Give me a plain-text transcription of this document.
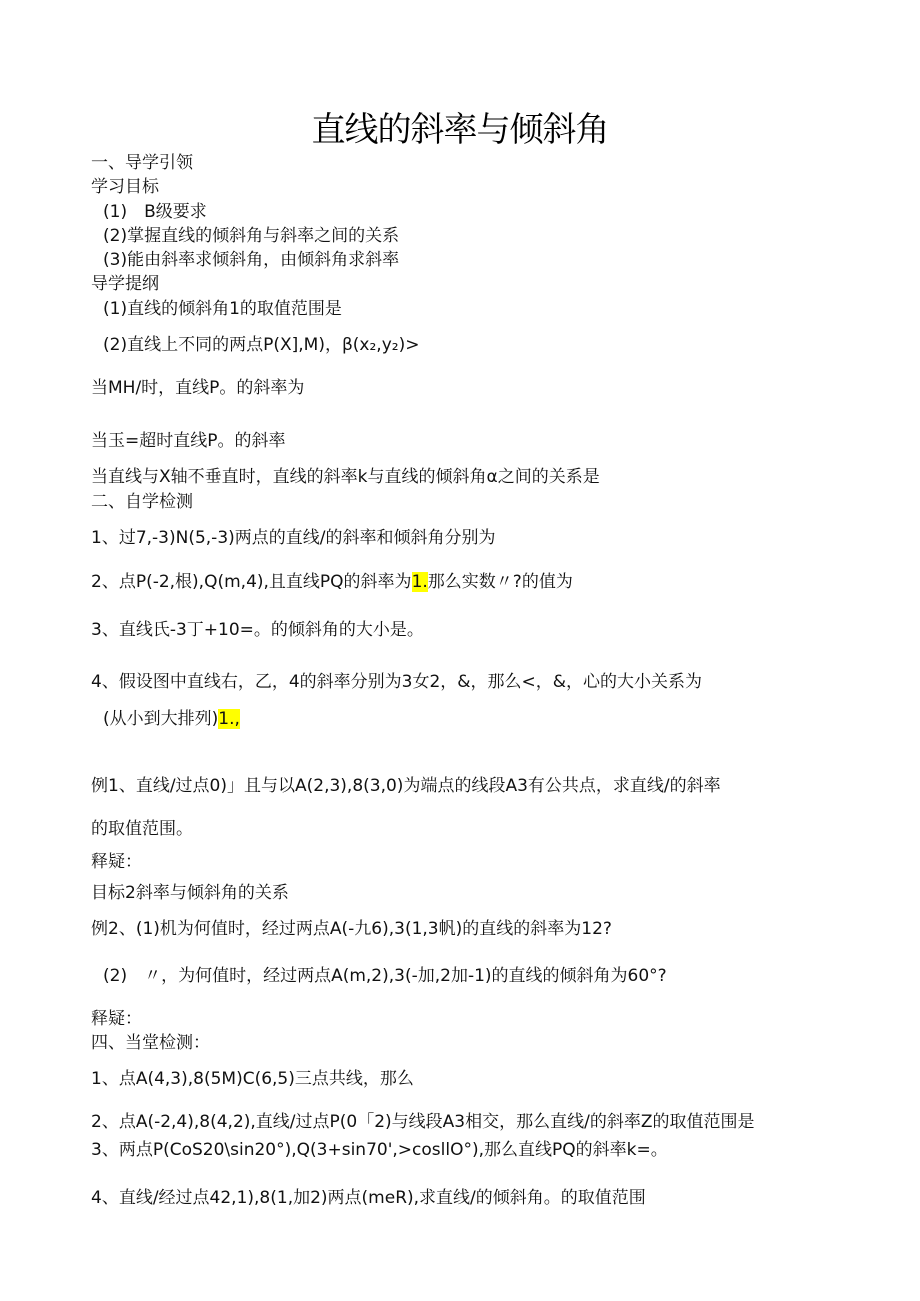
直线的斜率与倾斜角
一、导学引领
学习目标
(1)　B级要求
(2)掌握直线的倾斜角与斜率之间的关系
(3)能由斜率求倾斜角，由倾斜角求斜率
导学提纲
(1)直线的倾斜角1的取值范围是
(2)直线上不同的两点P(X],M)，β(x₂,y₂)>
当MH/时，直线P。的斜率为
当玉=超时直线P。的斜率
当直线与X轴不垂直时，直线的斜率k与直线的倾斜角α之间的关系是
二、自学检测
1、过7,-3)N(5,-3)两点的直线/的斜率和倾斜角分别为
2、点P(-2,根),Q(m,4),且直线PQ的斜率为1.那么实数〃?的值为
3、直线氏-3丁+10=。的倾斜角的大小是。
4、假设图中直线右，乙，4的斜率分别为3女2，&，那么<，&，心的大小关系为
(从小到大排列)1.,
例1、直线/过点0)」且与以A(2,3),8(3,0)为端点的线段A3有公共点，求直线/的斜率
的取值范围。
释疑：
目标2斜率与倾斜角的关系
例2、(1)机为何值时，经过两点A(-九6),3(1,3帆)的直线的斜率为12?
(2)　〃，为何值时，经过两点A(m,2),3(-加,2加-1)的直线的倾斜角为60°?
释疑：
四、当堂检测：
1、点A(4,3),8(5M)C(6,5)三点共线，那么
2、点A(-2,4),8(4,2),直线/过点P(0「2)与线段A3相交，那么直线/的斜率Z的取值范围是
3、两点P(CoS20\sin20°),Q(3+sin70',>cosllO°),那么直线PQ的斜率k=。
4、直线/经过点42,1),8(1,加2)两点(meR),求直线/的倾斜角。的取值范围
